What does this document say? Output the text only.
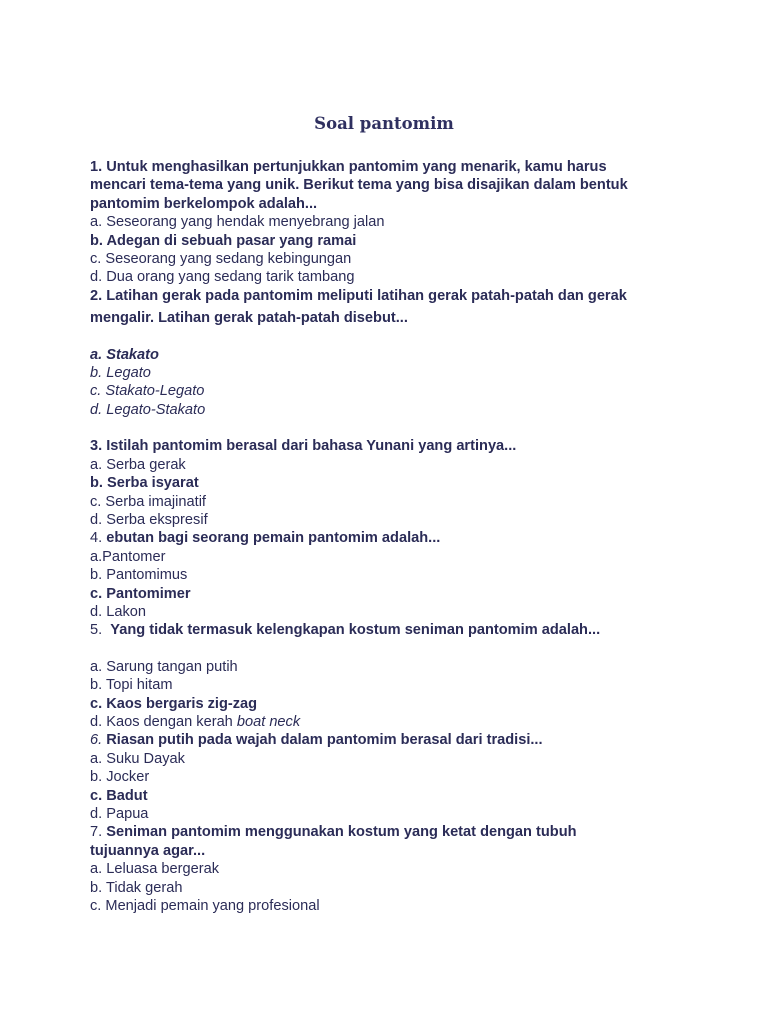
Soal pantomim
1. Untuk menghasilkan pertunjukkan pantomim yang menarik, kamu harus
mencari tema-tema yang unik. Berikut tema yang bisa disajikan dalam bentuk
pantomim berkelompok adalah...
a. Seseorang yang hendak menyebrang jalan
b. Adegan di sebuah pasar yang ramai
c. Seseorang yang sedang kebingungan
d. Dua orang yang sedang tarik tambang
2. Latihan gerak pada pantomim meliputi latihan gerak patah-patah dan gerak
mengalir. Latihan gerak patah-patah disebut...
a. Stakato
b. Legato
c. Stakato-Legato
d. Legato-Stakato
3. Istilah pantomim berasal dari bahasa Yunani yang artinya...
a. Serba gerak
b. Serba isyarat
c. Serba imajinatif
d. Serba ekspresif
4. ebutan bagi seorang pemain pantomim adalah...
a.Pantomer
b. Pantomimus
c. Pantomimer
d. Lakon
5. Yang tidak termasuk kelengkapan kostum seniman pantomim adalah...
a. Sarung tangan putih
b. Topi hitam
c. Kaos bergaris zig-zag
d. Kaos dengan kerah boat neck
6. Riasan putih pada wajah dalam pantomim berasal dari tradisi...
a. Suku Dayak
b. Jocker
c. Badut
d. Papua
7. Seniman pantomim menggunakan kostum yang ketat dengan tubuh
tujuannya agar...
a. Leluasa bergerak
b. Tidak gerah
c. Menjadi pemain yang profesional
